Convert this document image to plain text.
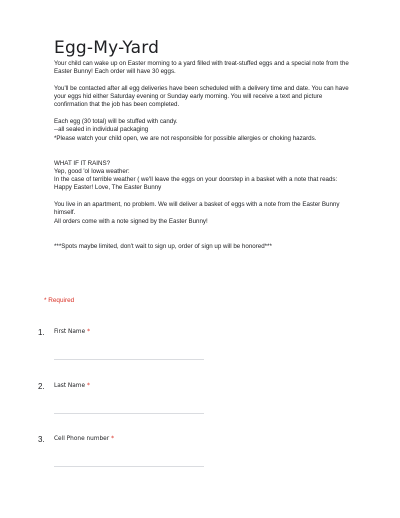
Egg-My-Yard

Your child can wake up on Easter morning to a yard filled with treat-stuffed eggs and a special note from the Easter Bunny! Each order will have 30 eggs.

You'll be contacted after all egg deliveries have been scheduled with a delivery time and date. You can have your eggs hid either Saturday evening or Sunday early morning. You will receive a text and picture confirmation that the job has been completed.

Each egg (30 total) will be stuffed with candy.
--all sealed in individual packaging
*Please watch your child open, we are not responsible for possible allergies or choking hazards.

WHAT IF IT RAINS?
Yep, good 'ol Iowa weather:
In the case of terrible weather ( we'll leave the eggs on your doorstep in a basket with a note that reads:
Happy Easter! Love, The Easter Bunny

You live in an apartment, no problem. We will deliver a basket of eggs with a note from the Easter Bunny himself.
All orders come with a note signed by the Easter Bunny!

***Spots maybe limited, don't wait to sign up, order of sign up will be honored***

* Required
1. First Name *
2. Last Name *
3. Cell Phone number *
